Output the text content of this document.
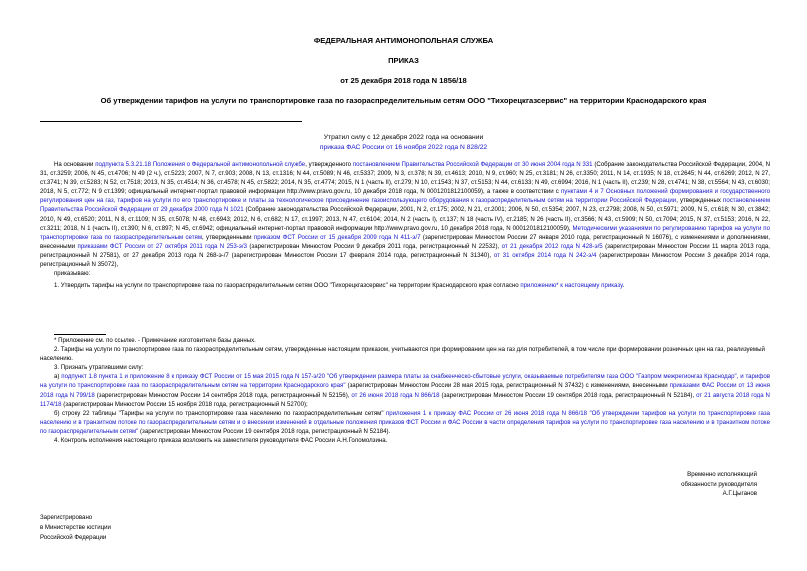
ФЕДЕРАЛЬНАЯ АНТИМОНОПОЛЬНАЯ СЛУЖБА
ПРИКАЗ
от 25 декабря 2018 года N 1856/18
Об утверждении тарифов на услуги по транспортировке газа по газораспределительным сетям ООО "Тихорецкгазсервис" на территории Краснодарского края
Утратил силу с 12 декабря 2022 года на основании
приказа ФАС России от 16 ноября 2022 года N 828/22

На основании подпункта 5.3.21.18 Положения о Федеральной антимонопольной службе, утвержденного постановлением Правительства Российской Федерации от 30 июня 2004 года N 331 (Собрание законодательства Российской Федерации, 2004, N 31, ст.3259; 2006, N 45, ст.4706; N 49 (2 ч.), ст.5223; 2007, N 7, ст.903; 2008, N 13, ст.1316; N 44, ст.5089; N 46, ст.5337; 2009, N 3, ст.378; N 39, ст.4613; 2010, N 9, ст.960; N 25, ст.3181; N 26, ст.3350; 2011, N 14, ст.1935; N 18, ст.2645; N 44, ст.6269; 2012, N 27, ст.3741; N 39, ст.5283; N 52, ст.7518; 2013, N 35, ст.4514; N 36, ст.4578; N 45, ст.5822; 2014, N 35, ст.4774; 2015, N 1 (часть II), ст.279; N 10, ст.1543; N 37, ст.5153; N 44, ст.6133; N 49, ст.6994; 2016, N 1 (часть II), ст.239; N 28, ст.4741; N 38, ст.5564; N 43, ст.6030; 2018, N 5, ст.772; N 9 ст.1399; официальный интернет-портал правовой информации http://www.pravo.gov.ru, 10 декабря 2018 года, N 0001201812100059), а также в соответствии с пунктами 4 и 7 Основных положений формирования и государственного регулирования цен на газ, тарифов на услуги по его транспортировке и платы за технологическое присоединение газоиспользующего оборудования к газораспределительным сетям на территории Российской Федерации, утвержденных постановлением Правительства Российской Федерации от 29 декабря 2000 года N 1021 (Собрание законодательства Российской Федерации, 2001, N 2, ст.175; 2002, N 21, ст.2001; 2006, N 50, ст.5354; 2007, N 23, ст.2798; 2008, N 50, ст.5971; 2009, N 5, ст.618; N 30, ст.3842; 2010, N 49, ст.6520; 2011, N 8, ст.1109; N 35, ст.5078; N 48, ст.6943; 2012, N 6, ст.682; N 17, ст.1997; 2013, N 47, ст.6104; 2014, N 2 (часть I), ст.137; N 18 (часть IV), ст.2185; N 26 (часть II), ст.3566; N 43, ст.5909; N 50, ст.7094; 2015, N 37, ст.5153; 2016, N 22, ст.3211; 2018, N 1 (часть II), ст.390; N 6, ст.897; N 45, ст.6942; официальный интернет-портал правовой информации http://www.pravo.gov.ru, 10 декабря 2018 года, N 0001201812100059), Методическими указаниями по регулированию тарифов на услуги по транспортировке газа по газораспределительным сетям, утвержденными приказом ФСТ России от 15 декабря 2009 года N 411-э/7 (зарегистрирован Минюстом России 27 января 2010 года, регистрационный N 16076), с изменениями и дополнениями, внесенными приказами ФСТ России от 27 октября 2011 года N 253-э/3 (зарегистрирован Минюстом России 9 декабря 2011 года, регистрационный N 22532), от 21 декабря 2012 года N 428-э/5 (зарегистрирован Минюстом России 11 марта 2013 года, регистрационный N 27581), от 27 декабря 2013 года N 268-э-/7 (зарегистрирован Минюстом России 17 февраля 2014 года, регистрационный N 31340), от 31 октября 2014 года N 242-э/4 (зарегистрирован Минюстом России 3 декабря 2014 года, регистрационный N 35072),

приказываю:

1. Утвердить тарифы на услуги по транспортировке газа по газораспределительным сетям ООО "Тихорецкгазсервис" на территории Краснодарского края согласно приложению* к настоящему приказу.

* Приложение см. по ссылке. - Примечание изготовителя базы данных.

2. Тарифы на услуги по транспортировке газа по газораспределительным сетям, утвержденные настоящим приказом, учитываются при формировании цен на газ для потребителей, в том числе при формировании розничных цен на газ, реализуемый населению.

3. Признать утратившими силу:

а) подпункт 1.8 пункта 1 и приложение 8 к приказу ФСТ России от 15 мая 2015 года N 157-э/20 "Об утверждении размера платы за снабженческо-сбытовые услуги, оказываемые потребителям газа ООО "Газпром межрегионгаз Краснодар", и тарифов на услуги по транспортировке газа по газораспределительным сетям на территории Краснодарского края" (зарегистрирован Минюстом России 28 мая 2015 года, регистрационный N 37432) с изменениями, внесенными приказами ФАС России от 13 июня 2018 года N 799/18 (зарегистрирован Минюстом России 14 сентября 2018 года, регистрационный N 52156), от 26 июня 2018 года N 866/18 (зарегистрирован Минюстом России 19 сентября 2018 года, регистрационный N 52184), от 21 августа 2018 года N 1174/18 (зарегистрирован Минюстом России 15 ноября 2018 года, регистрационный N 52700);

б) строку 22 таблицы "Тарифы на услуги по транспортировке газа населению по газораспределительным сетям" приложения 1 к приказу ФАС России от 26 июня 2018 года N 866/18 "Об утверждении тарифов на услуги по транспортировке газа населению и в транзитном потоке по газораспределительным сетям и о внесении изменений в отдельные положения приказов ФСТ России и ФАС России в части определения тарифов на услуги по транспортировке газа населению и в транзитном потоке по газораспределительным сетям" (зарегистрирован Минюстом России 19 сентября 2018 года, регистрационный N 52184).

4. Контроль исполнения настоящего приказа возложить на заместителя руководителя ФАС России А.Н.Голомолзина.

Временно исполняющий
обязанности руководителя
А.Г.Цыганов
Зарегистрировано
в Министерстве юстиции
Российской Федерации
